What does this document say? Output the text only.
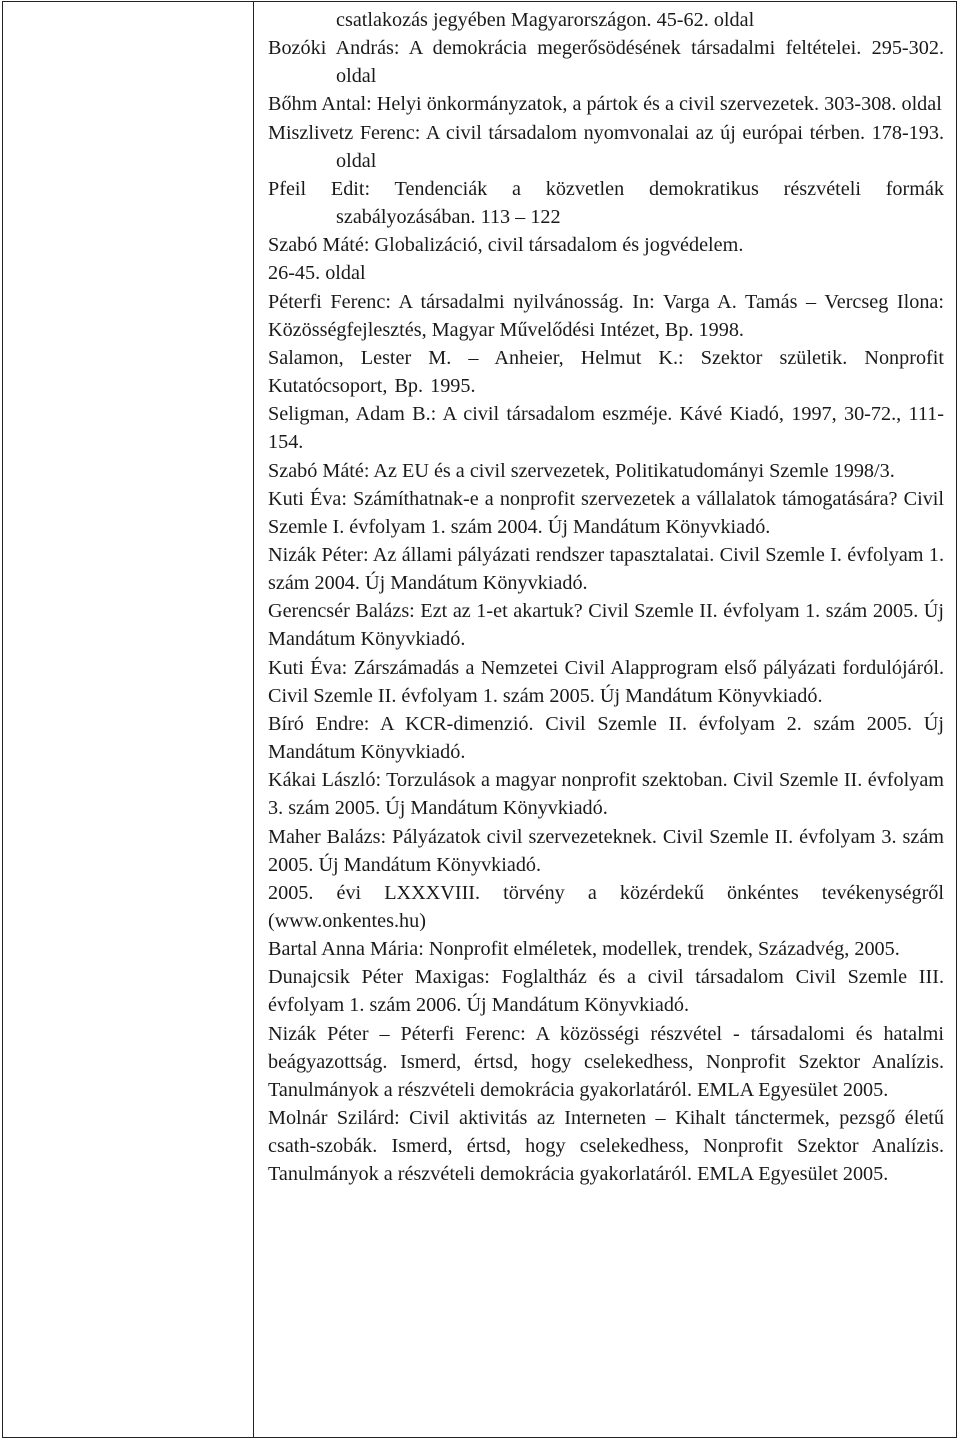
csatlakozás jegyében Magyarországon. 45-62. oldal

Bozóki András: A demokrácia megerősödésének társadalmi feltételei. 295-302. oldal

Bőhm Antal: Helyi önkormányzatok, a pártok és a civil szervezetek. 303-308. oldal

Miszlivetz Ferenc: A civil társadalom nyomvonalai az új európai térben. 178-193. oldal

Pfeil Edit: Tendenciák a közvetlen demokratikus részvételi formák szabályozásában. 113 – 122

Szabó Máté: Globalizáció, civil társadalom és jogvédelem.

26-45. oldal

Péterfi Ferenc: A társadalmi nyilvánosság. In: Varga A. Tamás – Vercseg Ilona: Közösségfejlesztés, Magyar Művelődési Intézet, Bp. 1998.

Salamon, Lester M. – Anheier, Helmut K.: Szektor születik. Nonprofit Kutatócsoport, Bp. 1995.

Seligman, Adam B.: A civil társadalom eszméje. Kávé Kiadó, 1997, 30-72., 111-154.

Szabó Máté: Az EU és a civil szervezetek, Politikatudományi Szemle 1998/3.

Kuti Éva: Számíthatnak-e a nonprofit szervezetek a vállalatok támogatására? Civil Szemle I. évfolyam 1. szám 2004. Új Mandátum Könyvkiadó.

Nizák Péter: Az állami pályázati rendszer tapasztalatai. Civil Szemle I. évfolyam 1. szám 2004. Új Mandátum Könyvkiadó.

Gerencsér Balázs: Ezt az 1-et akartuk? Civil Szemle II. évfolyam 1. szám 2005. Új Mandátum Könyvkiadó.

Kuti Éva: Zárszámadás a Nemzetei Civil Alapprogram első pályázati fordulójáról. Civil Szemle II. évfolyam 1. szám 2005. Új Mandátum Könyvkiadó.

Bíró Endre: A KCR-dimenzió. Civil Szemle II. évfolyam 2. szám 2005. Új Mandátum Könyvkiadó.

Kákai László: Torzulások a magyar nonprofit szektoban. Civil Szemle II. évfolyam 3. szám 2005. Új Mandátum Könyvkiadó.

Maher Balázs: Pályázatok civil szervezeteknek. Civil Szemle II. évfolyam 3. szám 2005. Új Mandátum Könyvkiadó.

2005. évi LXXXVIII. törvény a közérdekű önkéntes tevékenységről (www.onkentes.hu)

Bartal Anna Mária: Nonprofit elméletek, modellek, trendek, Századvég, 2005.

Dunajcsik Péter Maxigas: Foglaltház és a civil társadalom Civil Szemle III. évfolyam 1. szám 2006. Új Mandátum Könyvkiadó.

Nizák Péter – Péterfi Ferenc: A közösségi részvétel - társadalomi és hatalmi beágyazottság. Ismerd, értsd, hogy cselekedhess, Nonprofit Szektor Analízis. Tanulmányok a részvételi demokrácia gyakorlatáról. EMLA Egyesület 2005.

Molnár Szilárd: Civil aktivitás az Interneten – Kihalt tánctermek, pezsgő életű csath-szobák. Ismerd, értsd, hogy cselekedhess, Nonprofit Szektor Analízis. Tanulmányok a részvételi demokrácia gyakorlatáról. EMLA Egyesület 2005.
